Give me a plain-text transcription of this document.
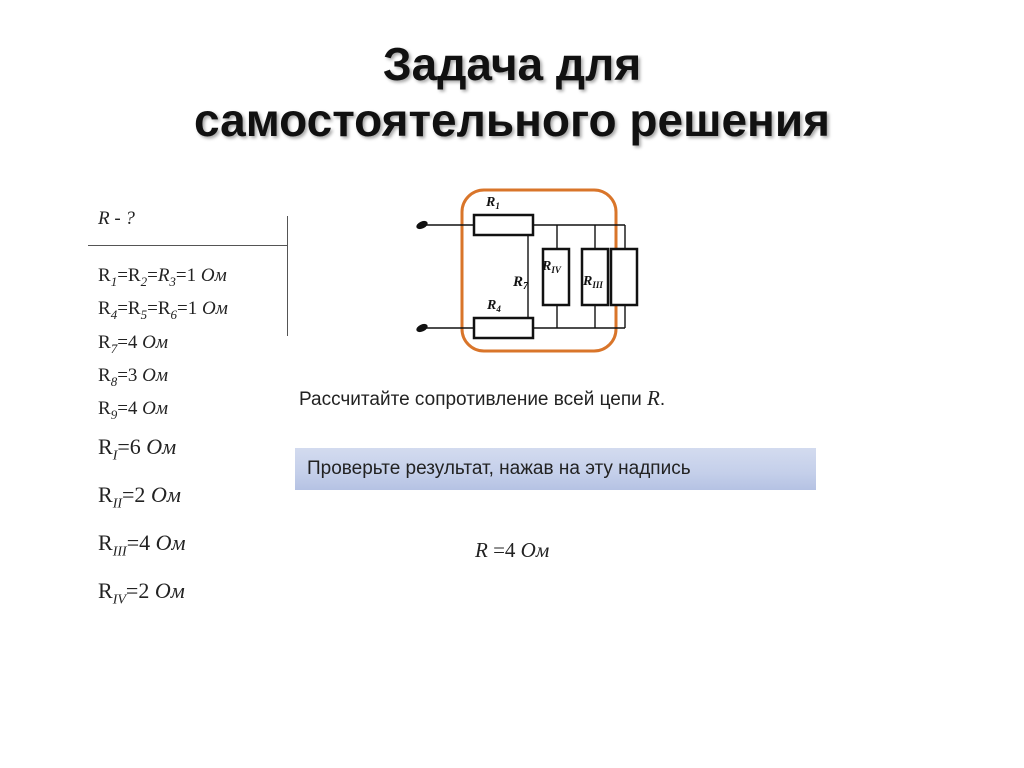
Задача для
самостоятельного решения
R - ?
$R_1=R_2=R_3=1$ Ом
$R_4=R_5=R_6=1$ Ом
$R_7=4$ Ом
$R_8=3$ Ом
$R_9=4$ Ом
$R_I=6$ Ом
$R_{II}=2$ Ом
$R_{III}=4$ Ом
$R_{IV}=2$ Ом
$R_1$
$R_4$
$R_7$
$R_{IV}$
$R_{III}$
Рассчитайте сопротивление всей цепи R.
Проверьте результат, нажав на эту надпись
R =4 Ом
